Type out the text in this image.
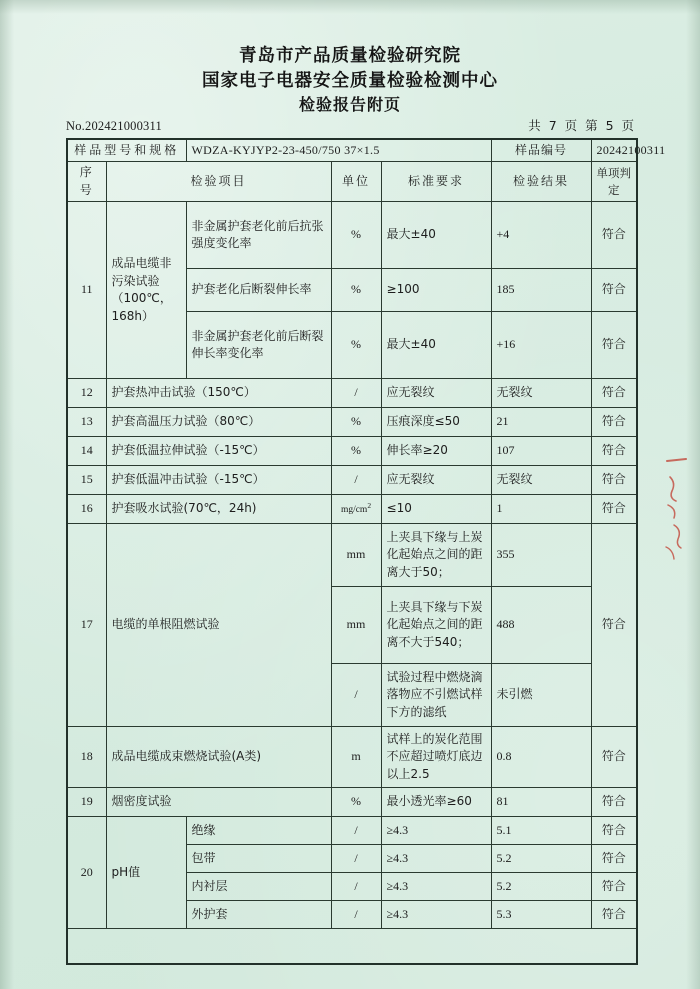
青岛市产品质量检验研究院
国家电子电器安全质量检验检测中心
检验报告附页
No.202421000311	共 7 页 第 5 页
样品型号和规格		WDZA-KYJYP2-23-450/750 37×1.5			样品编号	20242100311
序号	检验项目		单位	标准要求	检验结果	单项判定
11	成品电缆非
污染试验
（100℃，
168h）	非金属护套老化前后抗张强度变化率	%	最大±40	+4	符合
		护套老化后断裂伸长率	%	≥100	185	符合
		非金属护套老化前后断裂伸长率变化率	%	最大±40	+16	符合
12	护套热冲击试验（150℃）		/	应无裂纹	无裂纹	符合
13	护套高温压力试验（80℃）		%	压痕深度≤50	21	符合
14	护套低温拉伸试验（-15℃）		%	伸长率≥20	107	符合
15	护套低温冲击试验（-15℃）		/	应无裂纹	无裂纹	符合
16	护套吸水试验(70℃，24h)		$mg/cm^2$	≤10	1	符合
17	电缆的单根阻燃试验		mm	上夹具下缘与上炭化起始点之间的距离大于50；	355	符合
			mm	上夹具下缘与下炭化起始点之间的距离不大于540；	488	
			/	试验过程中燃烧滴落物应不引燃试样下方的滤纸	未引燃	
18	成品电缆成束燃烧试验(A类)		m	试样上的炭化范围不应超过喷灯底边以上2.5	0.8	符合
19	烟密度试验		%	最小透光率≥60	81	符合
20	pH值	绝缘	/	≥4.3	5.1	符合
		包带	/	≥4.3	5.2	符合
		内衬层	/	≥4.3	5.2	符合
		外护套	/	≥4.3	5.3	符合
